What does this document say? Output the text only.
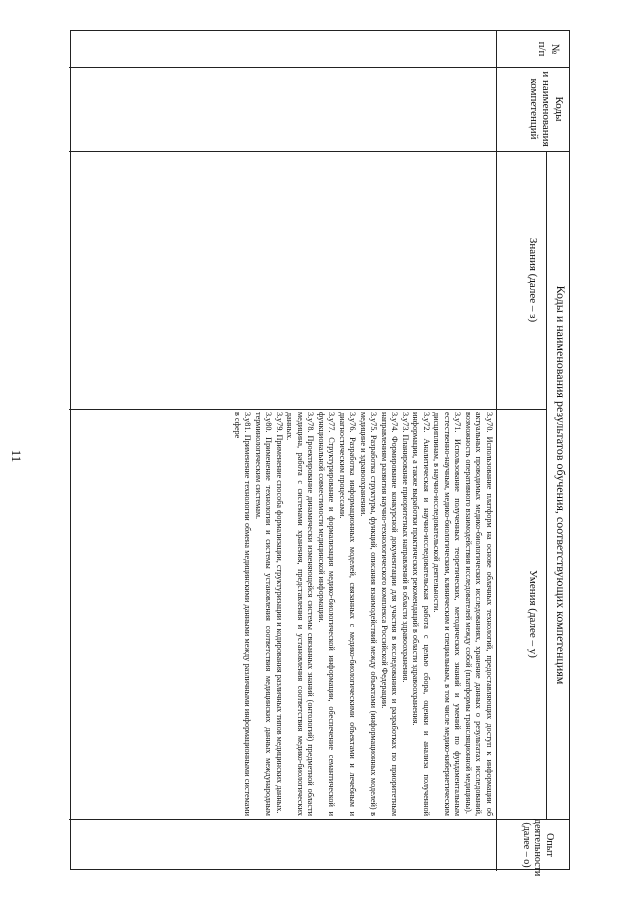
11
№
п/п
Коды
и наименования
компетенций
Коды и наименования результатов обучения, соответствующих компетенциям
Знания (далее – з)
Умения (далее – у)
Опыт деятельности
(далее – о)

3.у70. Использование платформ на основе облачных технологий, предоставляющих доступ к информации об актуальных проводимых медико-биологических исследованиях, хранение данных о результатах исследований, возможность оперативного взаимодействия исследователей между собой (платформы трансляционной медицины).

3.у71. Использование полученных теоретических, методических знаний и умений по фундаментальным естественно-научным, медико-биологическим, клиническим и специальным, в том числе медико-кибернетическим дисциплинам, в научно-исследовательской деятельности.

3.у72. Аналитическая и научно-исследовательская работа с целью сбора, оценки и анализа полученной информации, а также выработки практических рекомендаций в области здравоохранения.

3.у73. Планирование приоритетных направлений в области здравоохранения.

3.у74. Формирование конкурсной документации для участия в исследованиях и разработках по приоритетным направлениям развития научно-технологического комплекса Российской Федерации.

3.у75. Разработка структуры, функций, описания взаимодействий между объектами (информационных моделей) в медицине и здравоохранении.

3.у76. Разработка информационных моделей, связанных с медико-биологическими объектами и лечебным и диагностическим процессами.

3.у77. Структурирование и формализация медико-биологической информации, обеспечение семантической и функциональной совместимости медицинской информации.

3.у78. Проектирование динамически изменяющейся системы связанных знаний (онтологий) предметной области медицина, работа с системами хранения, представления и установления соответствия медико-биологических данных.

3.у79. Применение способа формализации, структуризации и кодирования различных типов медицинских данных.

3.у80. Применение технологии и системы установления соответствия медицинских данных международным терминологическим системам.

3.у81. Применение технологии обмена медицинскими данными между различными информационными системами в сфере
